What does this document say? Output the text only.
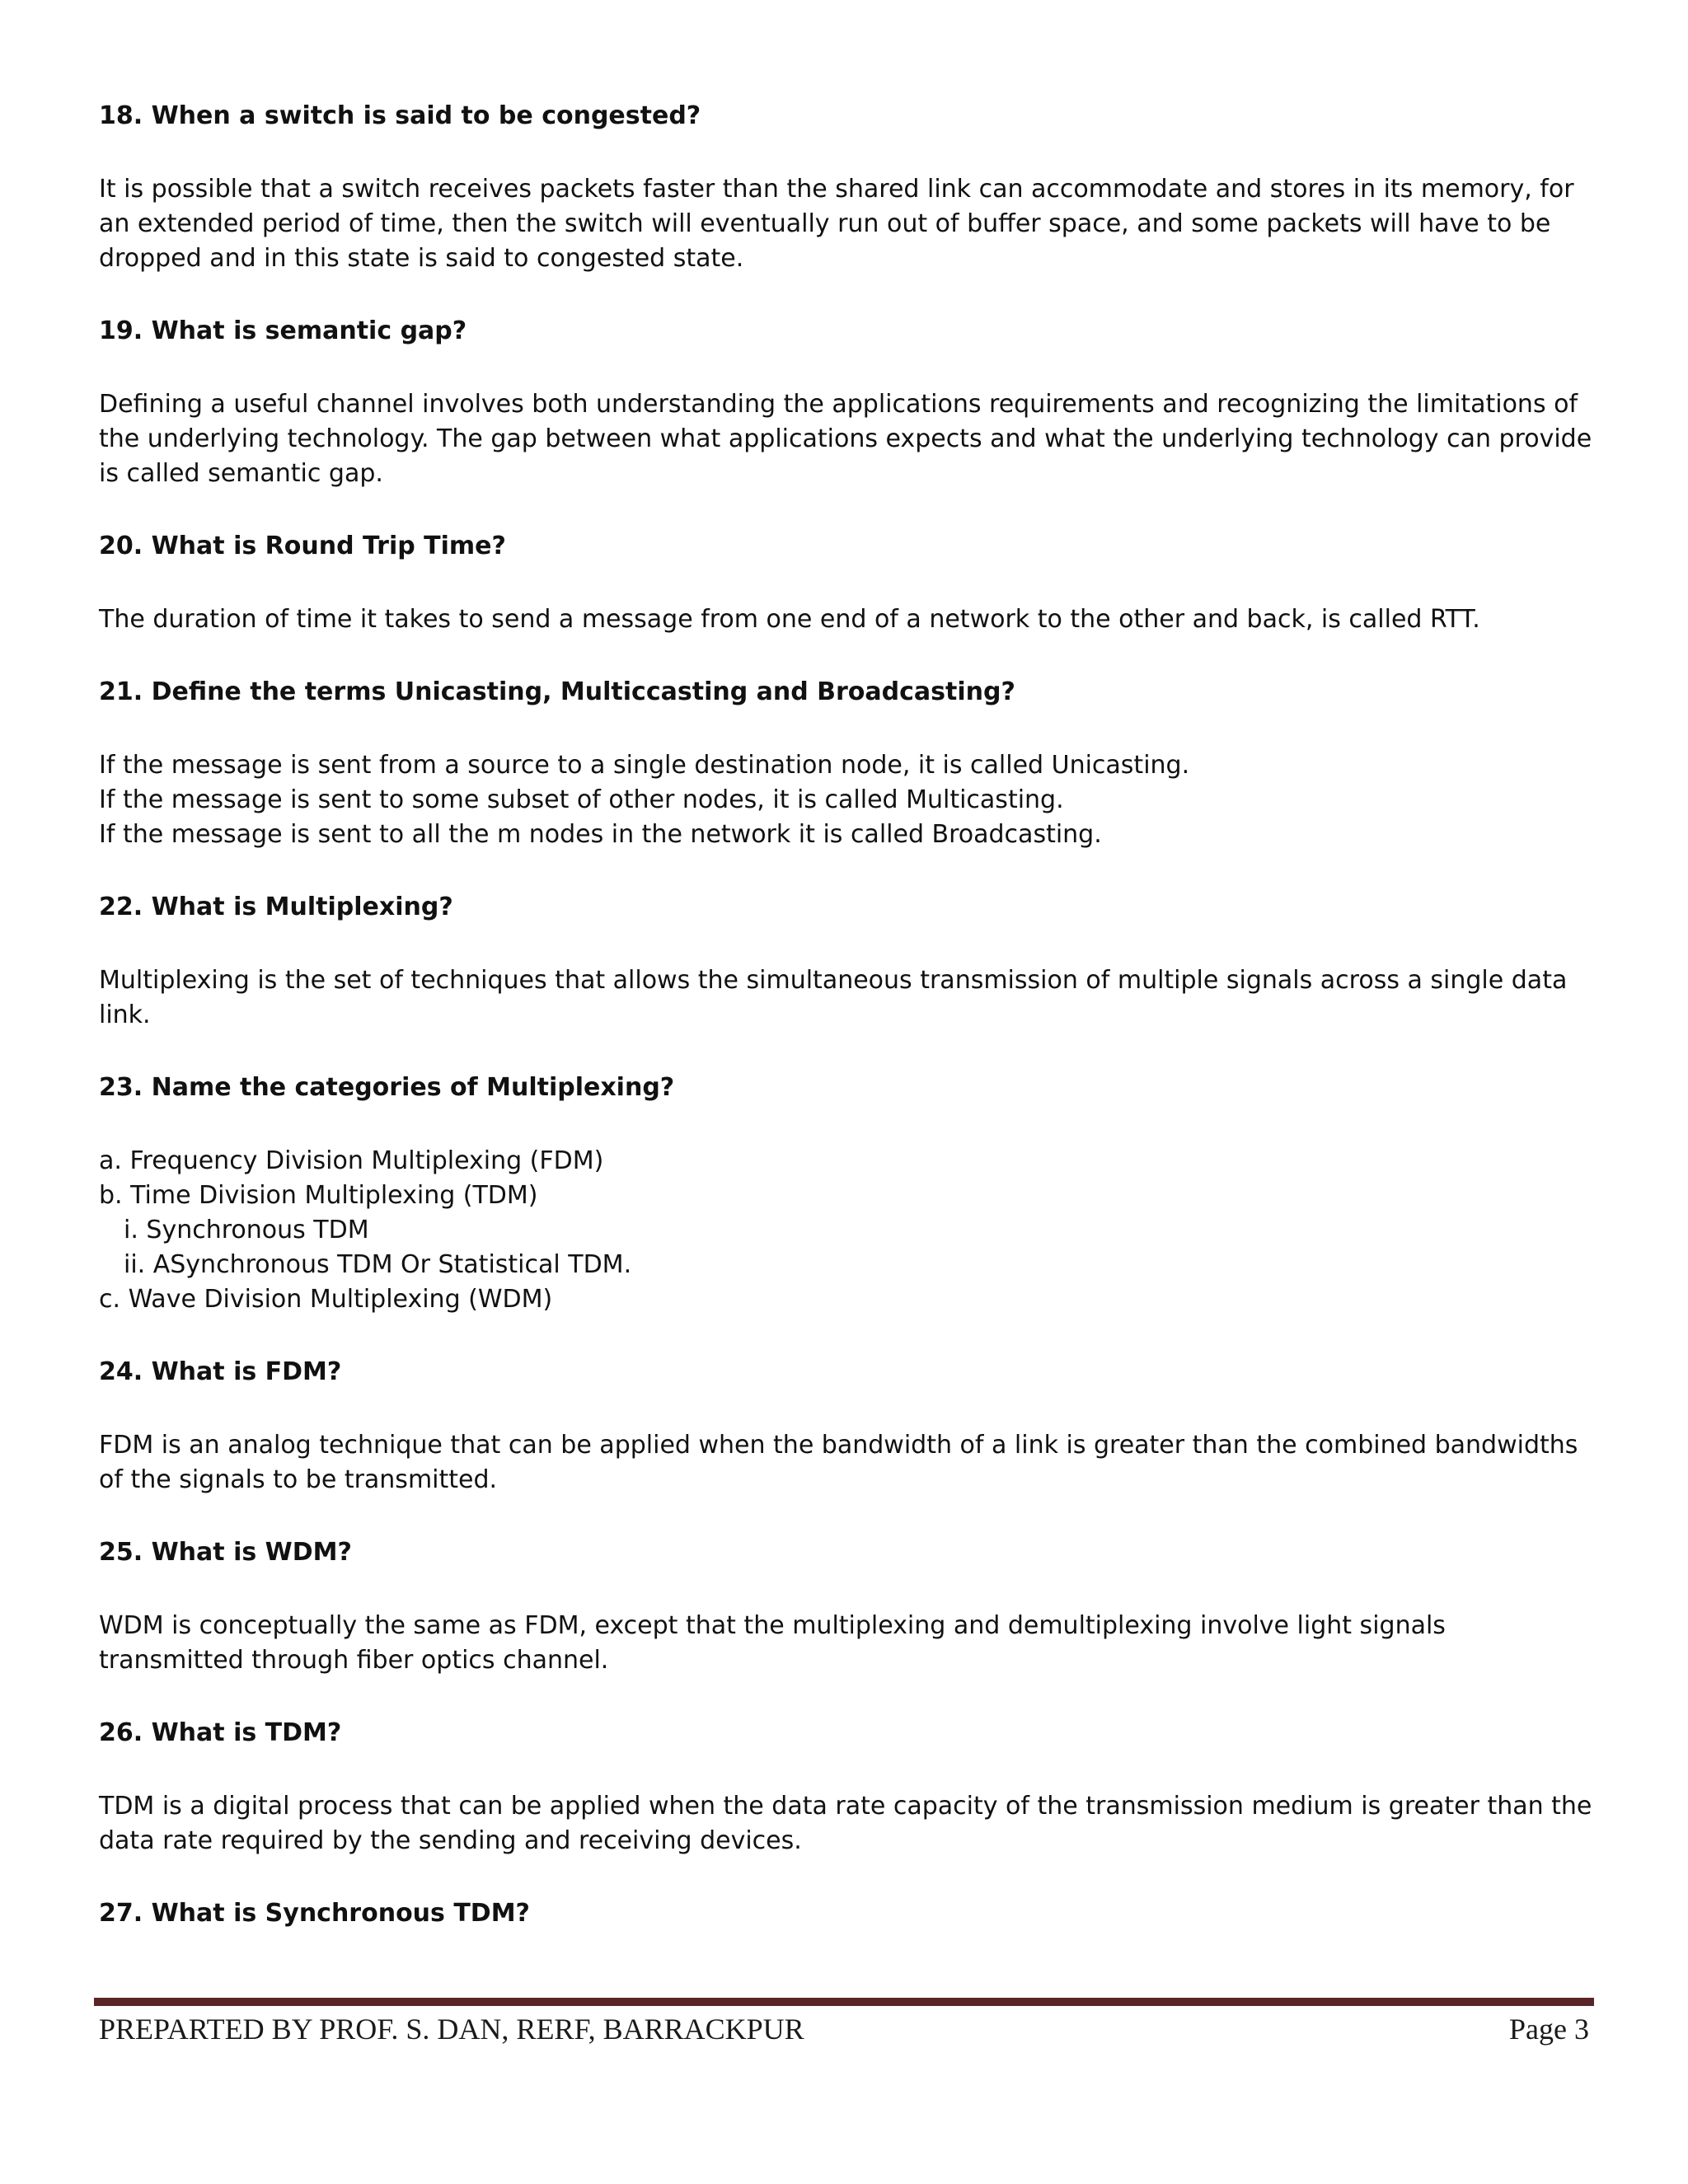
18. When a switch is said to be congested?

It is possible that a switch receives packets faster than the shared link can accommodate and stores in its memory, for an extended period of time, then the switch will eventually run out of buffer space, and some packets will have to be dropped and in this state is said to congested state.

19. What is semantic gap?

Defining a useful channel involves both understanding the applications requirements and recognizing the limitations of the underlying technology. The gap between what applications expects and what the underlying technology can provide is called semantic gap.

20. What is Round Trip Time?

The duration of time it takes to send a message from one end of a network to the other and back, is called RTT.

21. Define the terms Unicasting, Multiccasting and Broadcasting?

If the message is sent from a source to a single destination node, it is called Unicasting.
If the message is sent to some subset of other nodes, it is called Multicasting.
If the message is sent to all the m nodes in the network it is called Broadcasting.

22. What is Multiplexing?

Multiplexing is the set of techniques that allows the simultaneous transmission of multiple signals across a single data link.

23. Name the categories of Multiplexing?

a. Frequency Division Multiplexing (FDM)
b. Time Division Multiplexing (TDM)
i. Synchronous TDM
ii. ASynchronous TDM Or Statistical TDM.
c. Wave Division Multiplexing (WDM)

24. What is FDM?

FDM is an analog technique that can be applied when the bandwidth of a link is greater than the combined bandwidths of the signals to be transmitted.

25. What is WDM?

WDM is conceptually the same as FDM, except that the multiplexing and demultiplexing involve light signals transmitted through fiber optics channel.

26. What is TDM?

TDM is a digital process that can be applied when the data rate capacity of the transmission medium is greater than the data rate required by the sending and receiving devices.

27. What is Synchronous TDM?
PREPARTED BY PROF. S. DAN, RERF, BARRACKPUR	Page 3
